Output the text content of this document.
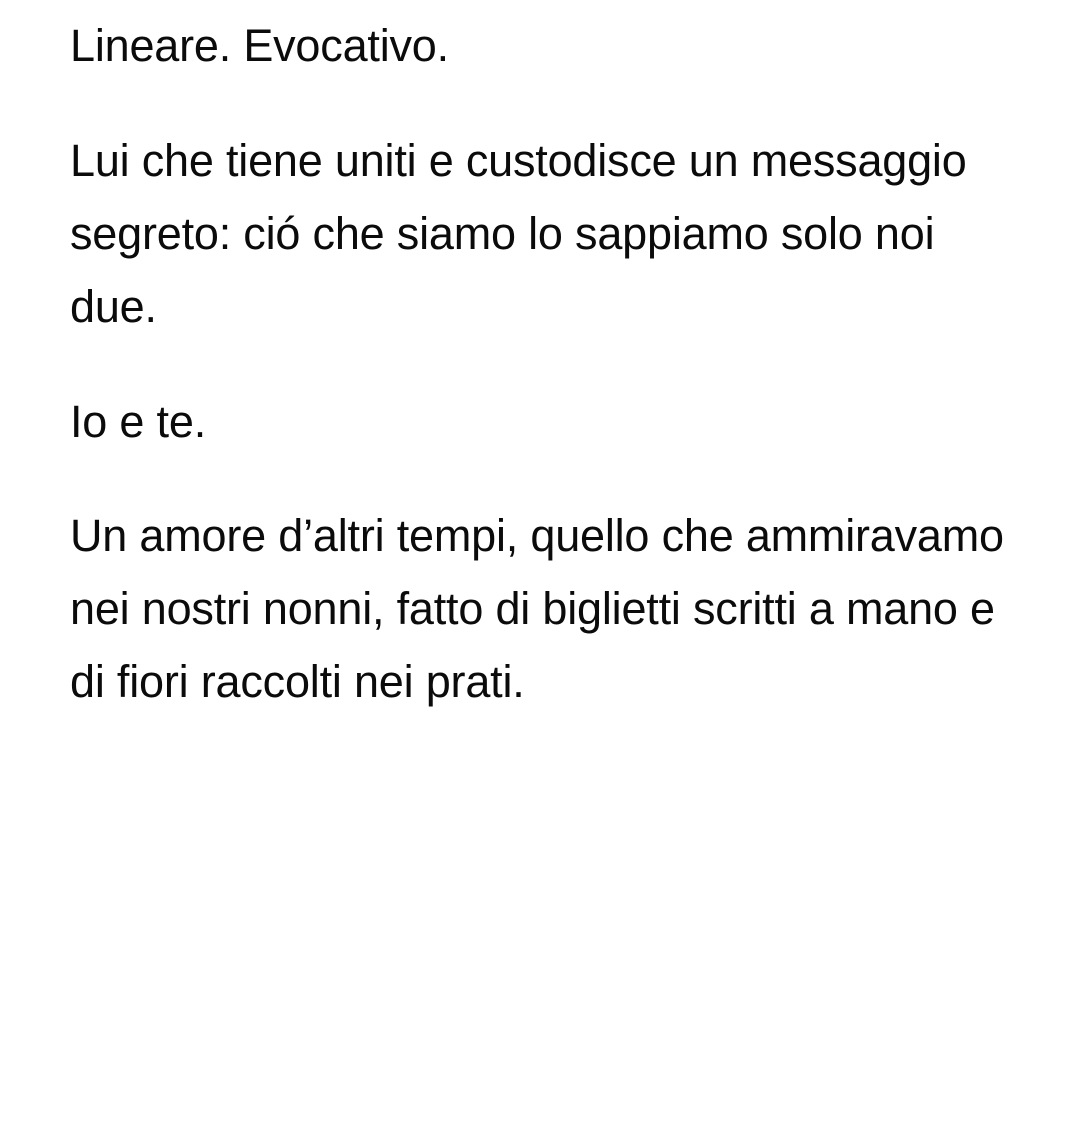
Lineare. Evocativo.

Lui che tiene uniti e custodisce un messaggio segreto: ció che siamo lo sappiamo solo noi due.

Io e te.

Un amore d’altri tempi, quello che ammiravamo nei nostri nonni, fatto di biglietti scritti a mano e di fiori raccolti nei prati.
